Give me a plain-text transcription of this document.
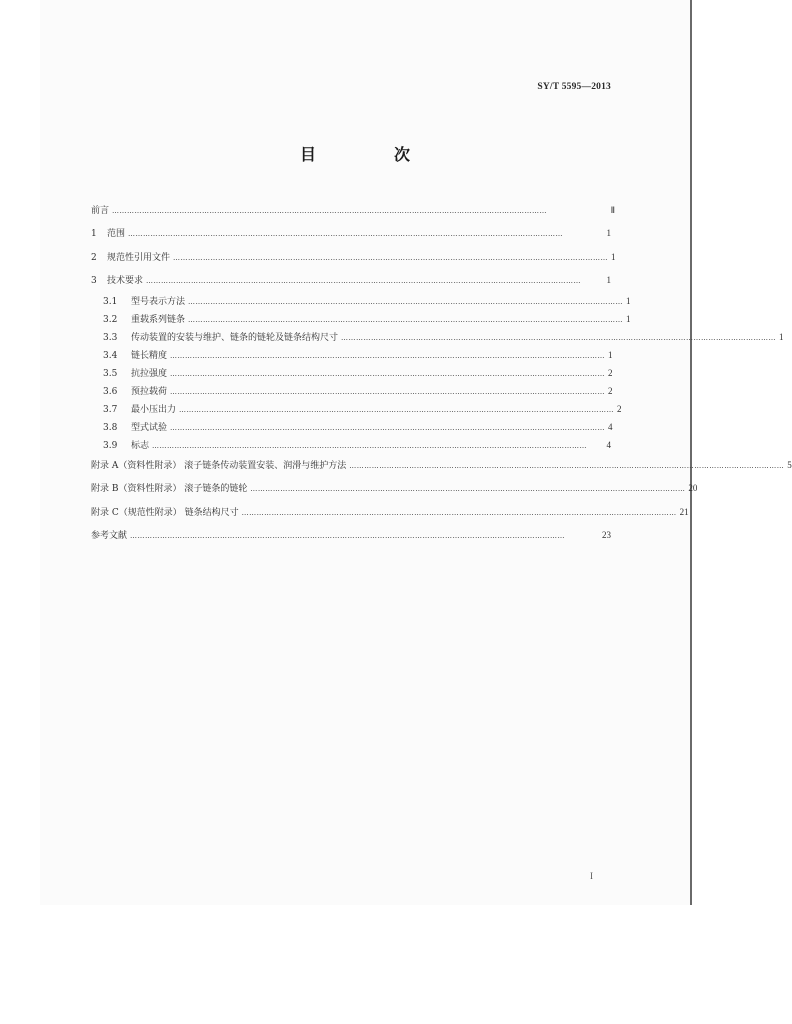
SY/T 5595—2013
目	次
前言 …………………………………………………………………………………………………………………………………………………………	Ⅱ
1	范围 …………………………………………………………………………………………………………………………………………………………	1
2	规范性引用文件 ………………………………………………………………………………………………………………………………………………………… 1
3	技术要求 …………………………………………………………………………………………………………………………………………………………	1
3.1	型号表示方法 ………………………………………………………………………………………………………………………………………………………… 1
3.2	重载系列链条 ………………………………………………………………………………………………………………………………………………………… 1
3.3	传动装置的安装与维护、链条的链轮及链条结构尺寸 ………………………………………………………………………………………………………………………………………………………… 1
3.4	链长精度 ………………………………………………………………………………………………………………………………………………………… 1
3.5	抗拉强度 ………………………………………………………………………………………………………………………………………………………… 2
3.6	预拉载荷 ………………………………………………………………………………………………………………………………………………………… 2
3.7	最小压出力 ………………………………………………………………………………………………………………………………………………………… 2
3.8	型式试验 ………………………………………………………………………………………………………………………………………………………… 4
3.9	标志 …………………………………………………………………………………………………………………………………………………………	4
附录 A（资料性附录） 滚子链条传动装置安装、润滑与维护方法 ………………………………………………………………………………………………………………………………………………………… 5
附录 B（资料性附录） 滚子链条的链轮 ………………………………………………………………………………………………………………………………………………………… 20
附录 C（规范性附录） 链条结构尺寸 ………………………………………………………………………………………………………………………………………………………… 21
参考文献 …………………………………………………………………………………………………………………………………………………………	23
I
